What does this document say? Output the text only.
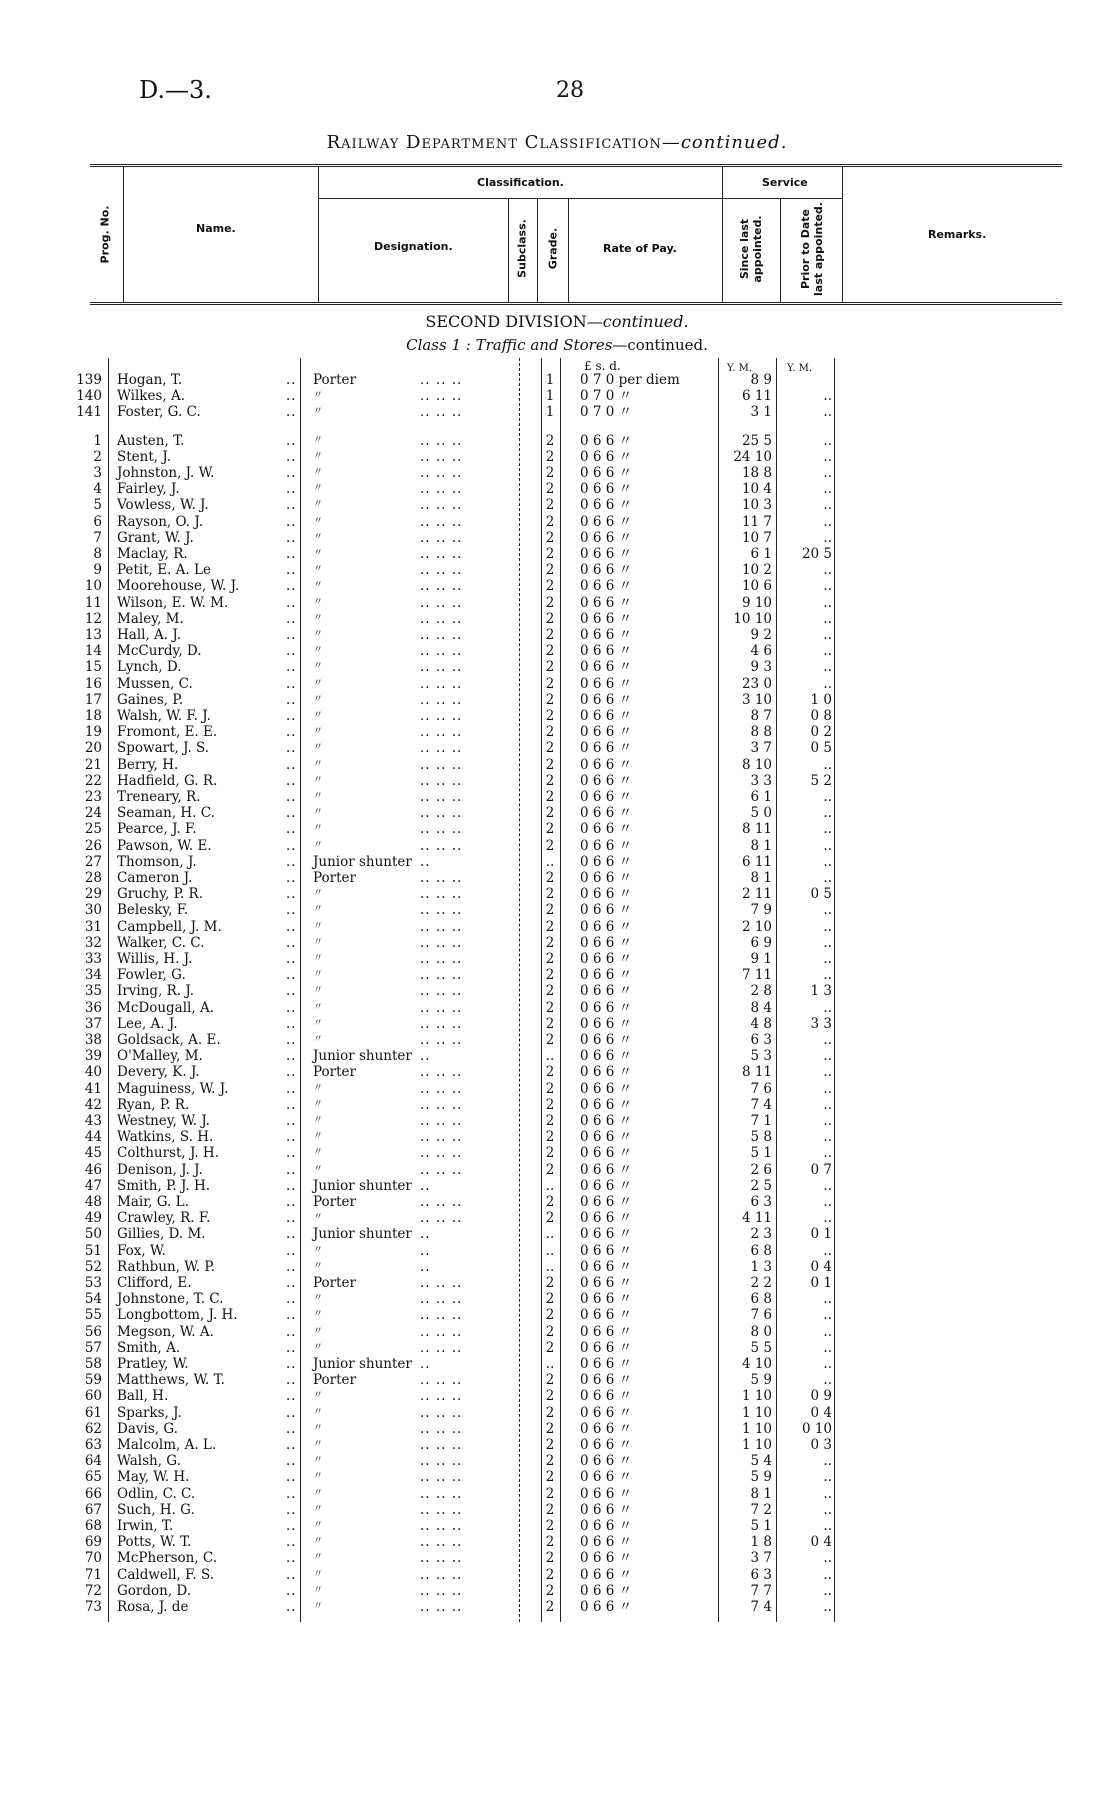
D.—3.	28
Railway Department Classification—continued.
Prog. No.	Name.
Classification.
Designation.	Subclass. Grade.	Rate of Pay.
Service
Since last appointed.	Prior to Date last appointed.	Remarks.
SECOND DIVISION—continued.
Class 1 : Traffic and Stores—continued.
£ s. d.	Y. M.	Y. M.
139 Hogan, T.	.. Porter	.. .. ..	1	0 7 0 per diem	8 9
140 Wilkes, A.	.. 〃	.. .. ..	1	0 7 0 〃	6 11	..
141 Foster, G. C.	.. 〃	.. .. ..	1	0 7 0 〃	3 1	..
1 Austen, T.	.. 〃	.. .. ..	2	0 6 6 〃	25 5	..
2 Stent, J.	.. 〃	.. .. ..	2	0 6 6 〃	24 10	..
3 Johnston, J. W.	.. 〃	.. .. ..	2	0 6 6 〃	18 8	..
4 Fairley, J.	.. 〃	.. .. ..	2	0 6 6 〃	10 4	..
5 Vowless, W. J.	.. 〃	.. .. ..	2	0 6 6 〃	10 3	..
6 Rayson, O. J.	.. 〃	.. .. ..	2	0 6 6 〃	11 7	..
7 Grant, W. J.	.. 〃	.. .. ..	2	0 6 6 〃	10 7	..
8 Maclay, R.	.. 〃	.. .. ..	2	0 6 6 〃	6 1	20 5
9 Petit, E. A. Le	.. 〃	.. .. ..	2	0 6 6 〃	10 2	..
10 Moorehouse, W. J.	.. 〃	.. .. ..	2	0 6 6 〃	10 6	..
11 Wilson, E. W. M.	.. 〃	.. .. ..	2	0 6 6 〃	9 10	..
12 Maley, M.	.. 〃	.. .. ..	2	0 6 6 〃	10 10	..
13 Hall, A. J.	.. 〃	.. .. ..	2	0 6 6 〃	9 2	..
14 McCurdy, D.	.. 〃	.. .. ..	2	0 6 6 〃	4 6	..
15 Lynch, D.	.. 〃	.. .. ..	2	0 6 6 〃	9 3	..
16 Mussen, C.	.. 〃	.. .. ..	2	0 6 6 〃	23 0	..
17 Gaines, P.	.. 〃	.. .. ..	2	0 6 6 〃	3 10	1 0
18 Walsh, W. F. J.	.. 〃	.. .. ..	2	0 6 6 〃	8 7	0 8
19 Fromont, E. E.	.. 〃	.. .. ..	2	0 6 6 〃	8 8	0 2
20 Spowart, J. S.	.. 〃	.. .. ..	2	0 6 6 〃	3 7	0 5
21 Berry, H.	.. 〃	.. .. ..	2	0 6 6 〃	8 10	..
22 Hadfield, G. R.	.. 〃	.. .. ..	2	0 6 6 〃	3 3	5 2
23 Treneary, R.	.. 〃	.. .. ..	2	0 6 6 〃	6 1	..
24 Seaman, H. C.	.. 〃	.. .. ..	2	0 6 6 〃	5 0	..
25 Pearce, J. F.	.. 〃	.. .. ..	2	0 6 6 〃	8 11	..
26 Pawson, W. E.	.. 〃	.. .. ..	2	0 6 6 〃	8 1	..
27 Thomson, J.	.. Junior shunter ..	..	0 6 6 〃	6 11	..
28 Cameron J.	.. Porter	.. .. ..	2	0 6 6 〃	8 1	..
29 Gruchy, P. R.	.. 〃	.. .. ..	2	0 6 6 〃	2 11	0 5
30 Belesky, F.	.. 〃	.. .. ..	2	0 6 6 〃	7 9	..
31 Campbell, J. M.	.. 〃	.. .. ..	2	0 6 6 〃	2 10	..
32 Walker, C. C.	.. 〃	.. .. ..	2	0 6 6 〃	6 9	..
33 Willis, H. J.	.. 〃	.. .. ..	2	0 6 6 〃	9 1	..
34 Fowler, G.	.. 〃	.. .. ..	2	0 6 6 〃	7 11	..
35 Irving, R. J.	.. 〃	.. .. ..	2	0 6 6 〃	2 8	1 3
36 McDougall, A.	.. 〃	.. .. ..	2	0 6 6 〃	8 4	..
37 Lee, A. J.	.. 〃	.. .. ..	2	0 6 6 〃	4 8	3 3
38 Goldsack, A. E.	.. 〃	.. .. ..	2	0 6 6 〃	6 3	..
39 O'Malley, M.	.. Junior shunter ..	..	0 6 6 〃	5 3	..
40 Devery, K. J.	.. Porter	.. .. ..	2	0 6 6 〃	8 11	..
41 Maguiness, W. J.	.. 〃	.. .. ..	2	0 6 6 〃	7 6	..
42 Ryan, P. R.	.. 〃	.. .. ..	2	0 6 6 〃	7 4	..
43 Westney, W. J.	.. 〃	.. .. ..	2	0 6 6 〃	7 1	..
44 Watkins, S. H.	.. 〃	.. .. ..	2	0 6 6 〃	5 8	..
45 Colthurst, J. H.	.. 〃	.. .. ..	2	0 6 6 〃	5 1	..
46 Denison, J. J.	.. 〃	.. .. ..	2	0 6 6 〃	2 6	0 7
47 Smith, P. J. H.	.. Junior shunter ..	..	0 6 6 〃	2 5	..
48 Mair, G. L.	.. Porter	.. .. ..	2	0 6 6 〃	6 3	..
49 Crawley, R. F.	.. 〃	.. .. ..	2	0 6 6 〃	4 11	..
50 Gillies, D. M.	.. Junior shunter ..	..	0 6 6 〃	2 3	0 1
51 Fox, W.	.. 〃	..	..	0 6 6 〃	6 8	..
52 Rathbun, W. P.	.. 〃	..	..	0 6 6 〃	1 3	0 4
53 Clifford, E.	.. Porter	.. .. ..	2	0 6 6 〃	2 2	0 1
54 Johnstone, T. C.	.. 〃	.. .. ..	2	0 6 6 〃	6 8	..
55 Longbottom, J. H.	.. 〃	.. .. ..	2	0 6 6 〃	7 6	..
56 Megson, W. A.	.. 〃	.. .. ..	2	0 6 6 〃	8 0	..
57 Smith, A.	.. 〃	.. .. ..	2	0 6 6 〃	5 5	..
58 Pratley, W.	.. Junior shunter ..	..	0 6 6 〃	4 10	..
59 Matthews, W. T.	.. Porter	.. .. ..	2	0 6 6 〃	5 9	..
60 Ball, H.	.. 〃	.. .. ..	2	0 6 6 〃	1 10	0 9
61 Sparks, J.	.. 〃	.. .. ..	2	0 6 6 〃	1 10	0 4
62 Davis, G.	.. 〃	.. .. ..	2	0 6 6 〃	1 10	0 10
63 Malcolm, A. L.	.. 〃	.. .. ..	2	0 6 6 〃	1 10	0 3
64 Walsh, G.	.. 〃	.. .. ..	2	0 6 6 〃	5 4	..
65 May, W. H.	.. 〃	.. .. ..	2	0 6 6 〃	5 9	..
66 Odlin, C. C.	.. 〃	.. .. ..	2	0 6 6 〃	8 1	..
67 Such, H. G.	.. 〃	.. .. ..	2	0 6 6 〃	7 2	..
68 Irwin, T.	.. 〃	.. .. ..	2	0 6 6 〃	5 1	..
69 Potts, W. T.	.. 〃	.. .. ..	2	0 6 6 〃	1 8	0 4
70 McPherson, C.	.. 〃	.. .. ..	2	0 6 6 〃	3 7	..
71 Caldwell, F. S.	.. 〃	.. .. ..	2	0 6 6 〃	6 3	..
72 Gordon, D.	.. 〃	.. .. ..	2	0 6 6 〃	7 7	..
73 Rosa, J. de	.. 〃	.. .. ..	2	0 6 6 〃	7 4	..
